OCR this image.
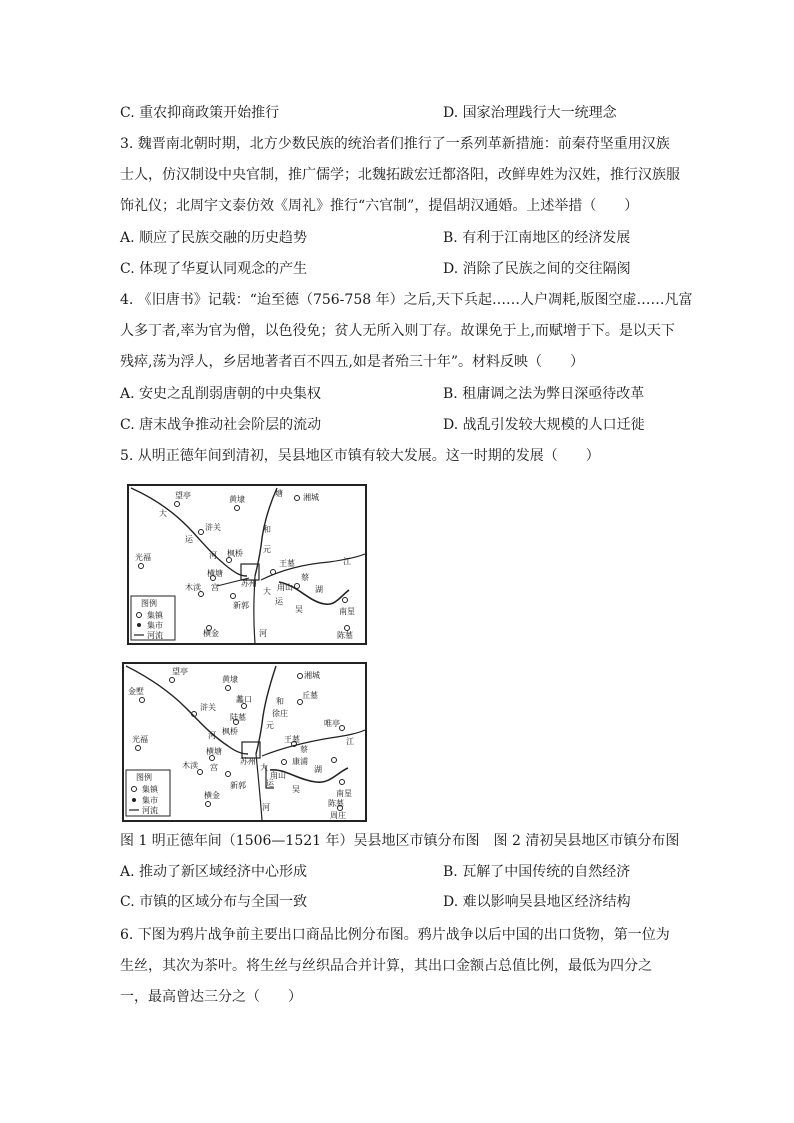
C. 重农抑商政策开始推行	D. 国家治理践行大一统理念
3. 魏晋南北朝时期，北方少数民族的统治者们推行了一系列革新措施：前秦苻坚重用汉族
士人，仿汉制设中央官制，推广儒学；北魏拓跋宏迁都洛阳，改鲜卑姓为汉姓，推行汉族服
饰礼仪；北周宇文泰仿效《周礼》推行“六官制”，提倡胡汉通婚。上述举措（　　）
A. 顺应了民族交融的历史趋势	B. 有利于江南地区的经济发展
C. 体现了华夏认同观念的产生	D. 消除了民族之间的交往隔阂
4. 《旧唐书》记载：“迨至德（756-758 年）之后,天下兵起……人户凋耗,版图空虚……凡富
人多丁者,率为官为僧，以色役免；贫人无所入则丁存。故课免于上,而赋增于下。是以天下
残瘁,荡为浮人，乡居地著者百不四五,如是者殆三十年”。材料反映（　　）
A. 安史之乱削弱唐朝的中央集权	B. 租庸调之法为弊日深亟待改革
C. 唐末战争推动社会阶层的流动	D. 战乱引发较大规模的人口迁徙
5. 从明正德年间到清初，吴县地区市镇有较大发展。这一时期的发展（　　）
望亭	黄埭	湘城
大
浒关	和
运
河 枫桥	元
王墓	江
光福
横塘	蔡
木渎	苏州	甪山	湖
宫
新郭
大
运
吴	南星
横金	河	陈墓
塘
图例
集镇
集市
河流
望亭
黄埭	湘城
金墅
浒关
蠡口	和
丘墓
徐庄
陆墓
元
王墓
唯亭
光福
枫桥
河
横塘
苏州
蔡
江
木渎 宫	大
康浦
新郭
甪山
湖
运
吴	南星
横金
河	陈墓
周庄
图例
集镇
集市
河流
图 1 明正德年间（1506—1521 年）吴县地区市镇分布图　图 2 清初吴县地区市镇分布图
A. 推动了新区域经济中心形成	B. 瓦解了中国传统的自然经济
C. 市镇的区域分布与全国一致	D. 难以影响吴县地区经济结构
6. 下图为鸦片战争前主要出口商品比例分布图。鸦片战争以后中国的出口货物，第一位为
生丝，其次为茶叶。将生丝与丝织品合并计算，其出口金额占总值比例，最低为四分之
一，最高曾达三分之（　　）
